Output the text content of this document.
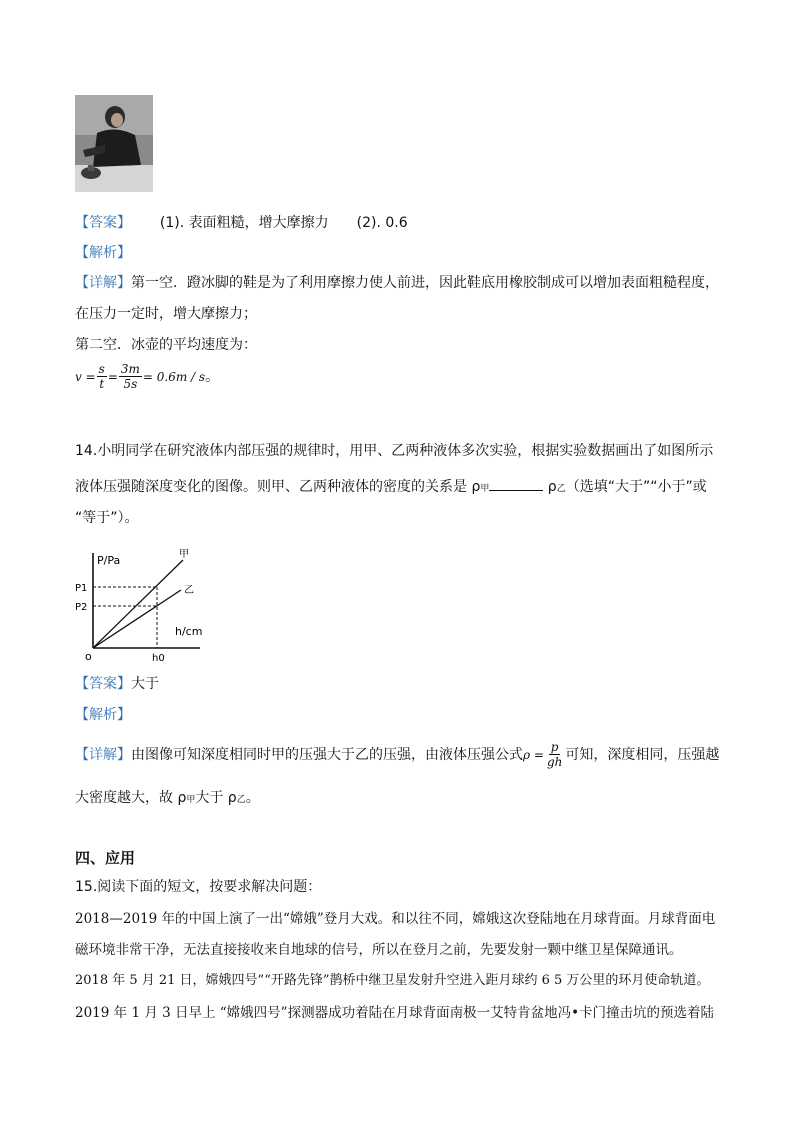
【答案】 (1). 表面粗糙，增大摩擦力　　(2). 0.6
【解析】
【详解】第一空．蹬冰脚的鞋是为了利用摩擦力使人前进，因此鞋底用橡胶制成可以增加表面粗糙程度，
在压力一定时，增大摩擦力；
第二空．冰壶的平均速度为：
$v = \frac{s}{t} = \frac{3m}{5s} = 0.6m / s$ 。
14.小明同学在研究液体内部压强的规律时，用甲、乙两种液体多次实验，根据实验数据画出了如图所示
液体压强随深度变化的图像。则甲、乙两种液体的密度的关系是 ρ甲	ρ乙（选填“大于”“小于”或
“等于”）。
P/Pa
h/cm
o
P1
P2
h0
甲
乙
【答案】大于
【解析】
【详解】 由图像可知深度相同时甲的压强大于乙的压强，由液体压强公式 $\rho = \frac{p}{gh}$ 可知，深度相同，压强越
大密度越大，故 ρ甲大于 ρ乙。
四、应用
15.阅读下面的短文，按要求解决问题：
2018—2019 年的中国上演了一出“嫦娥”登月大戏。和以往不同，嫦娥这次登陆地在月球背面。月球背面电
磁环境非常干净，无法直接接收来自地球的信号，所以在登月之前，先要发射一颗中继卫星保障通讯。
2018 年 5 月 21 日，嫦娥四号”“开路先锋”鹊桥中继卫星发射升空进入距月球约 6 5 万公里的环月使命轨道。
2019 年 1 月 3 日早上 “嫦娥四号”探测器成功着陆在月球背面南极一艾特肯盆地冯•卡门撞击坑的预选着陆
